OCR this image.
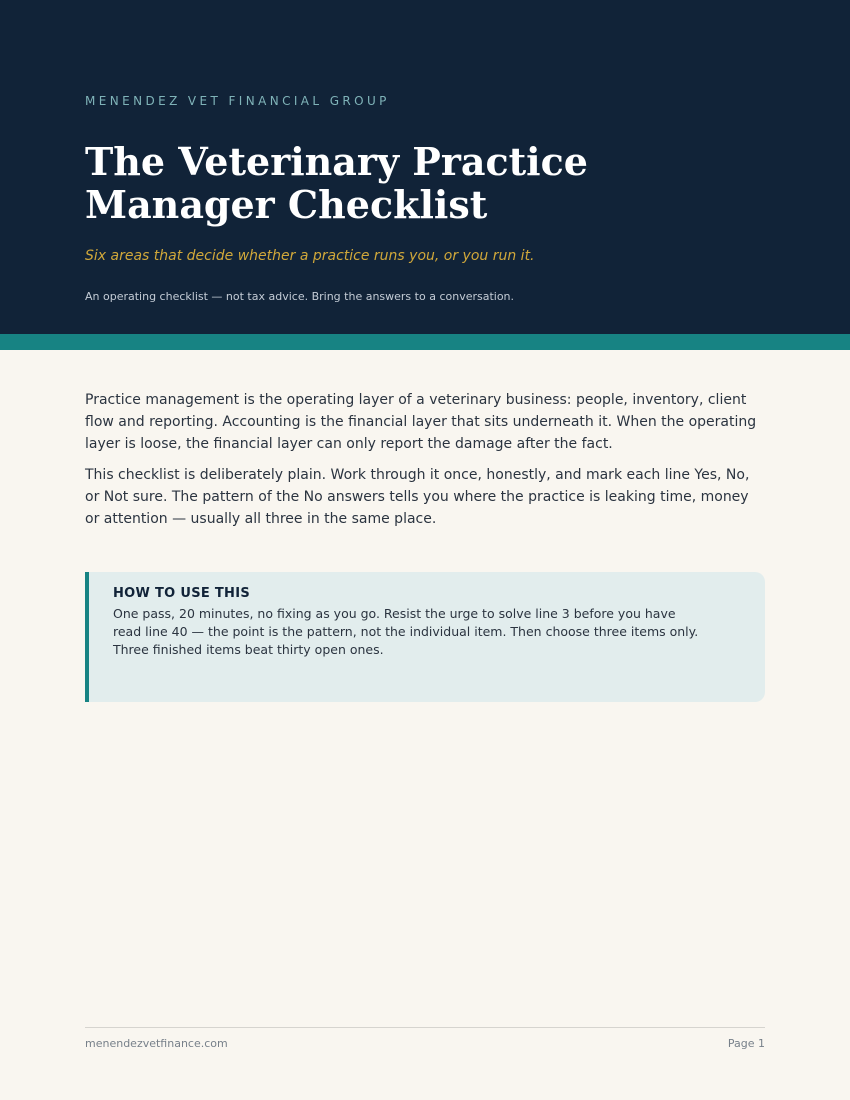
MENENDEZ VET FINANCIAL GROUP
The Veterinary Practice Manager Checklist
Six areas that decide whether a practice runs you, or you run it.
An operating checklist — not tax advice. Bring the answers to a conversation.

Practice management is the operating layer of a veterinary business: people, inventory, client flow and reporting. Accounting is the financial layer that sits underneath it. When the operating layer is loose, the financial layer can only report the damage after the fact.

This checklist is deliberately plain. Work through it once, honestly, and mark each line Yes, No, or Not sure. The pattern of the No answers tells you where the practice is leaking time, money or attention — usually all three in the same place.

HOW TO USE THIS
One pass, 20 minutes, no fixing as you go. Resist the urge to solve line 3 before you have read line 40 — the point is the pattern, not the individual item. Then choose three items only. Three finished items beat thirty open ones.
menendezvetfinance.com	Page 1
